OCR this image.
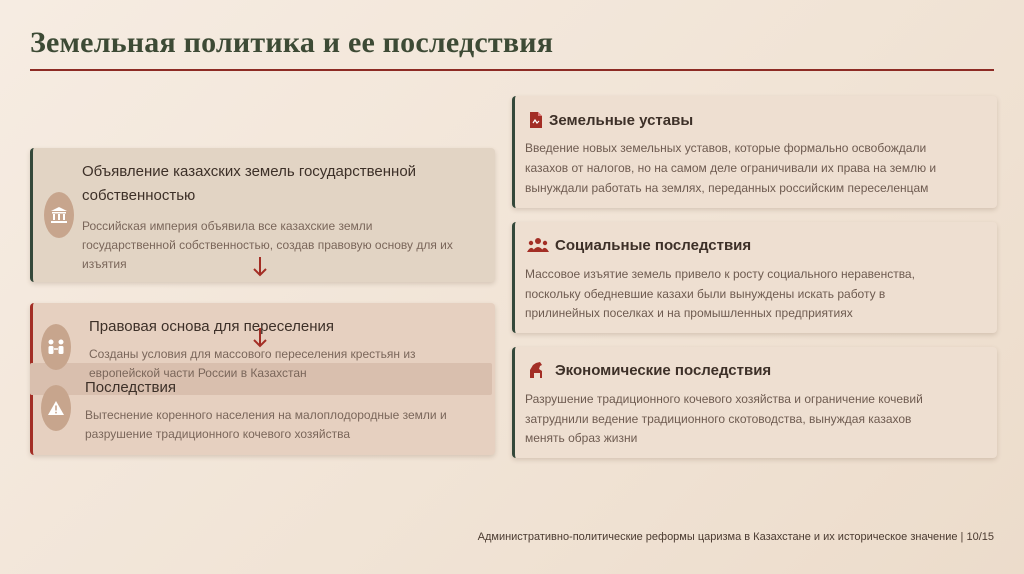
Земельная политика и ее последствия
Объявление казахских земель государственной
собственностью
Российская империя объявила все казахские земли
государственной собственностью, создав правовую основу для их
изъятия
Правовая основа для переселения
Созданы условия для массового переселения крестьян из
европейской части России в Казахстан
Последствия
Вытеснение коренного населения на малоплодородные земли и
разрушение традиционного кочевого хозяйства
Земельные уставы
Введение новых земельных уставов, которые формально освобождали
казахов от налогов, но на самом деле ограничивали их права на землю и
вынуждали работать на землях, переданных российским переселенцам
Социальные последствия
Массовое изъятие земель привело к росту социального неравенства,
поскольку обедневшие казахи были вынуждены искать работу в
прилинейных поселках и на промышленных предприятиях
Экономические последствия
Разрушение традиционного кочевого хозяйства и ограничение кочевий
затруднили ведение традиционного скотоводства, вынуждая казахов
менять образ жизни
Административно-политические реформы царизма в Казахстане и их историческое значение | 10/15
